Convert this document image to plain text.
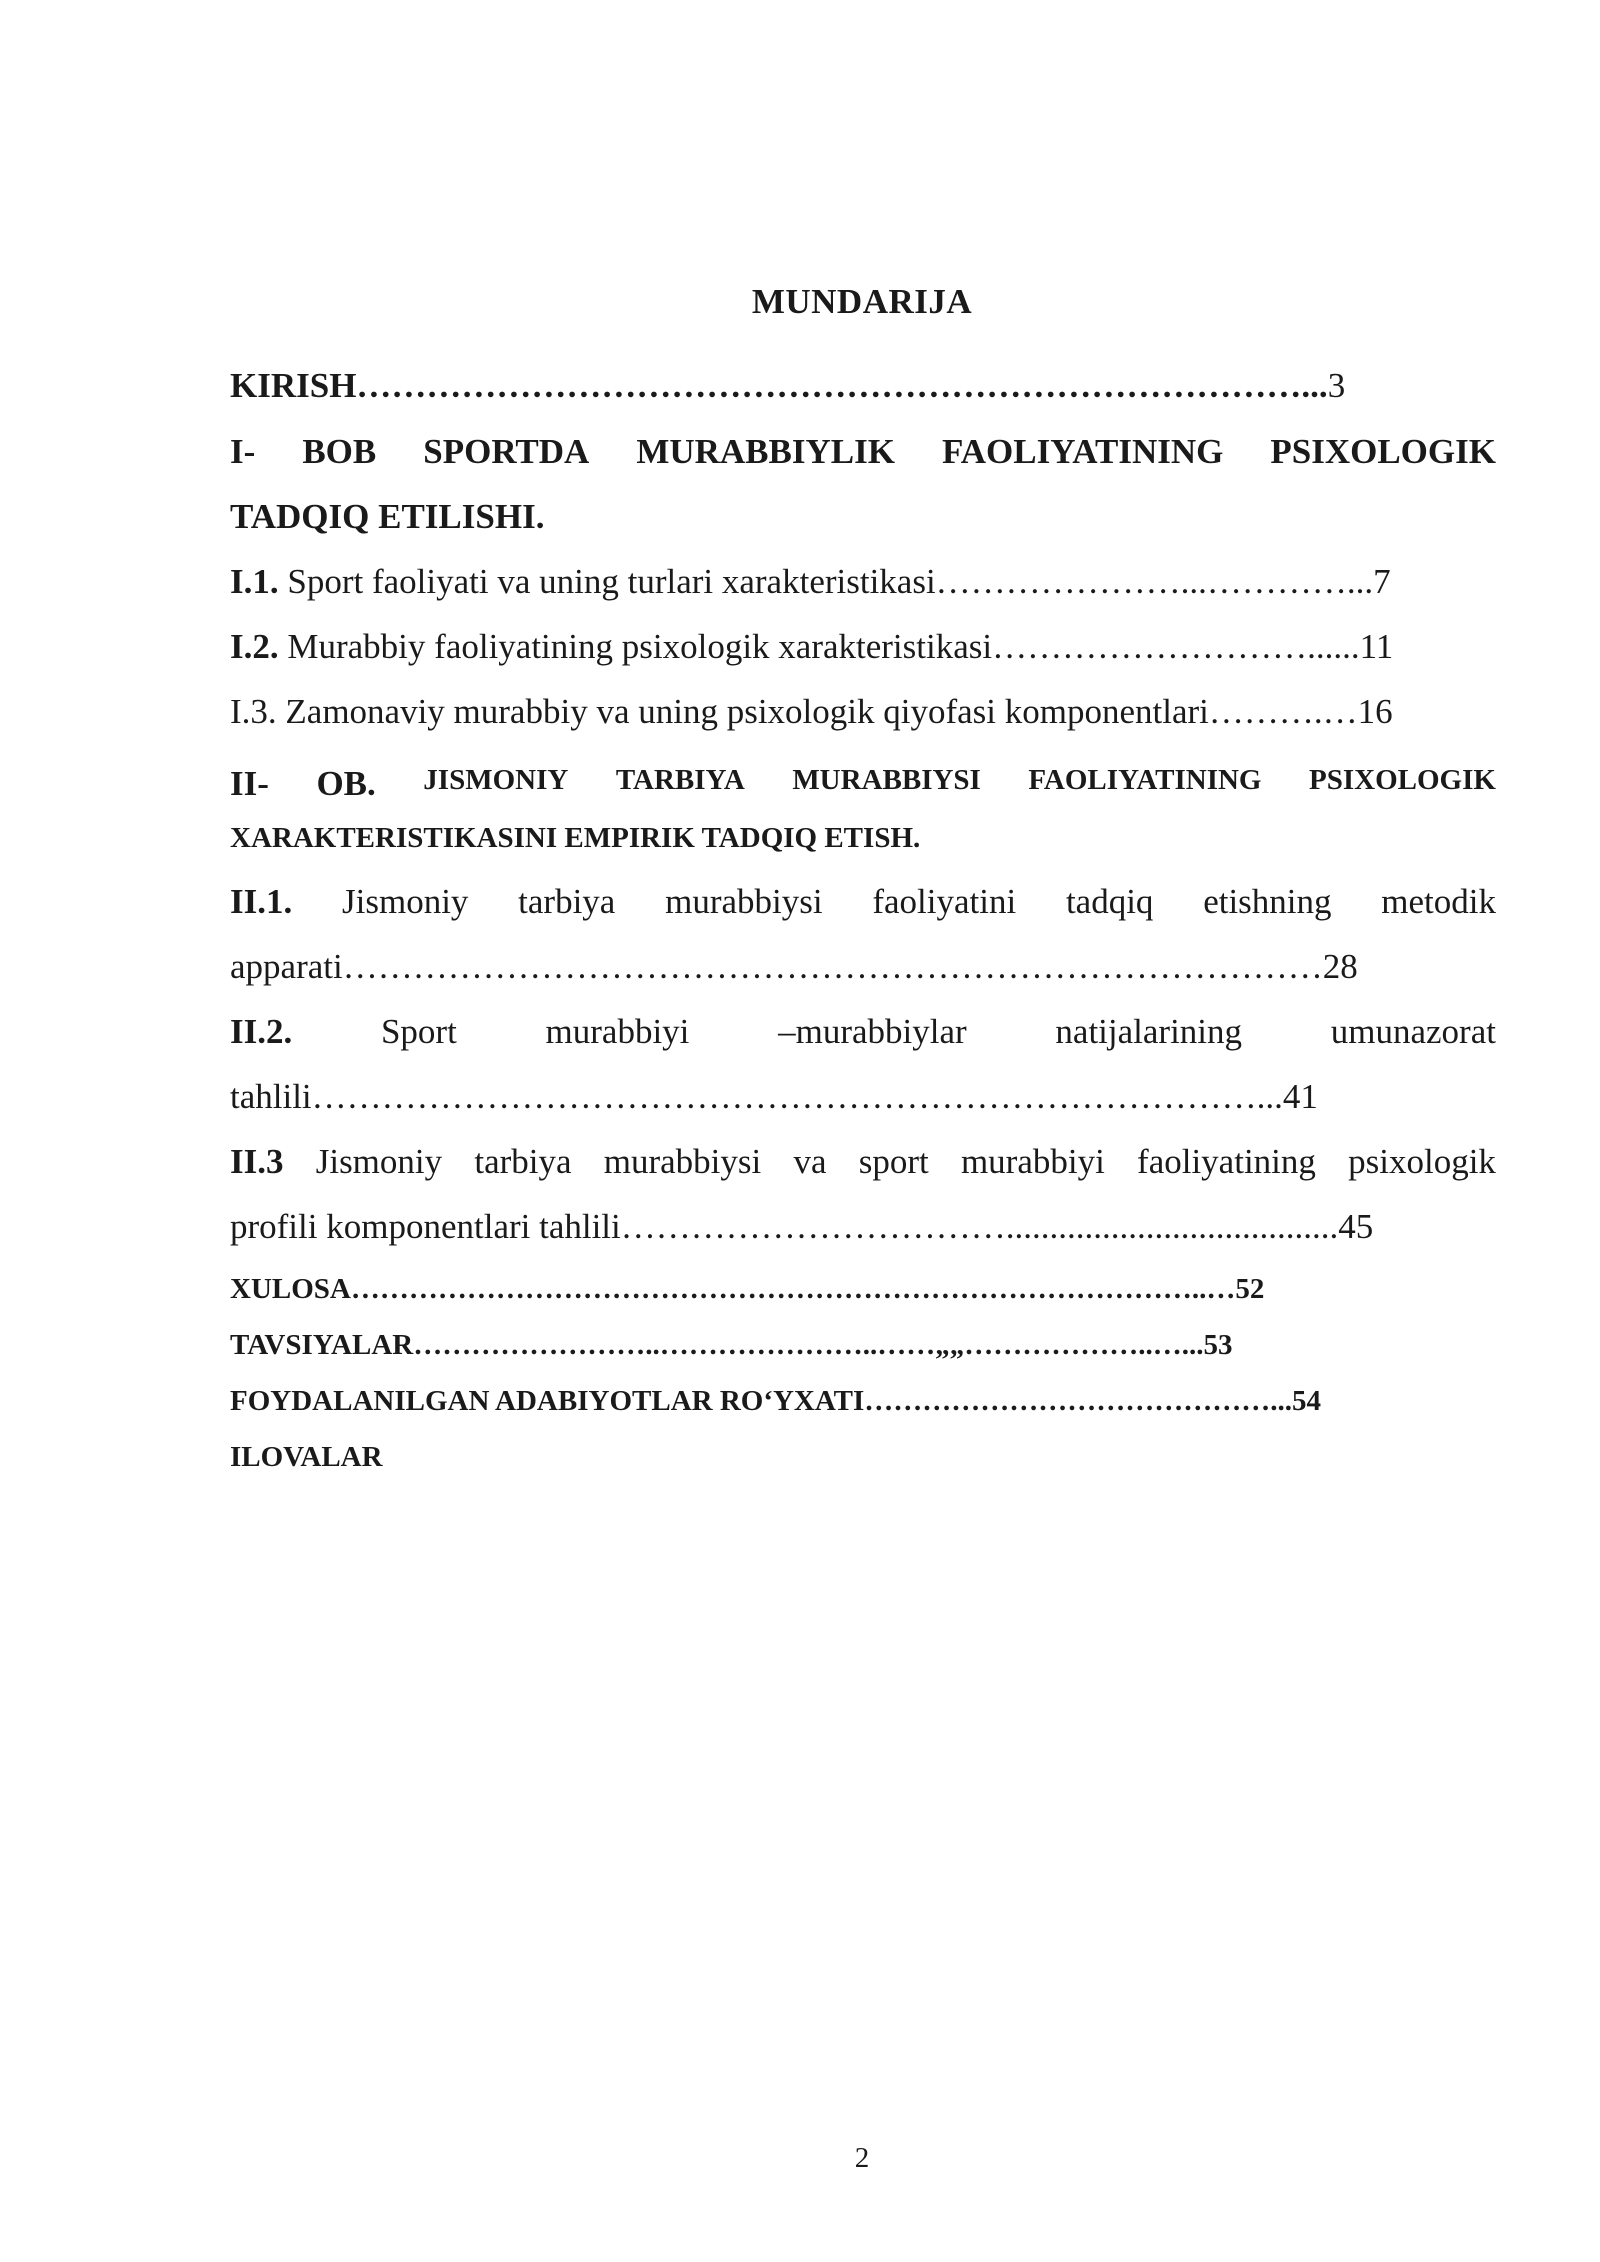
MUNDARIJA
KIRISH………………………………………………………………………...3
I- BOB SPORTDA MURABBIYLIK FAOLIYATINING PSIXOLOGIK
TADQIQ ETILISHI.
I.1. Sport faoliyati va uning turlari xarakteristikasi…………………...…………...7
I.2. Murabbiy faoliyatining psixologik xarakteristikasi………………………......11
I.3. Zamonaviy murabbiy va uning psixologik qiyofasi komponentlari……….…16
II- OB. JISMONIY TARBIYA MURABBIYSI FAOLIYATINING PSIXOLOGIK
XARAKTERISTIKASINI EMPIRIK TADQIQ ETISH.
II.1. Jismoniy tarbiya murabbiysi faoliyatini tadqiq etishning metodik
apparati…………………………………………………………………………28
II.2.	Sport	murabbiyi	–murabbiylar	natijalarining	umunazorat
tahlili………………………………………………………………………...41
II.3 Jismoniy tarbiya murabbiysi va sport murabbiyi faoliyatining psixologik
profili komponentlari tahlili……………………………......................................45
XULOSA……………………………………………………………………………..…52
TAVSIYALAR……………………..…………………..……„„………………..…...53
FOYDALANILGAN ADABIYOTLAR RO‘YXATI……………………………………...54
ILOVALAR
2
